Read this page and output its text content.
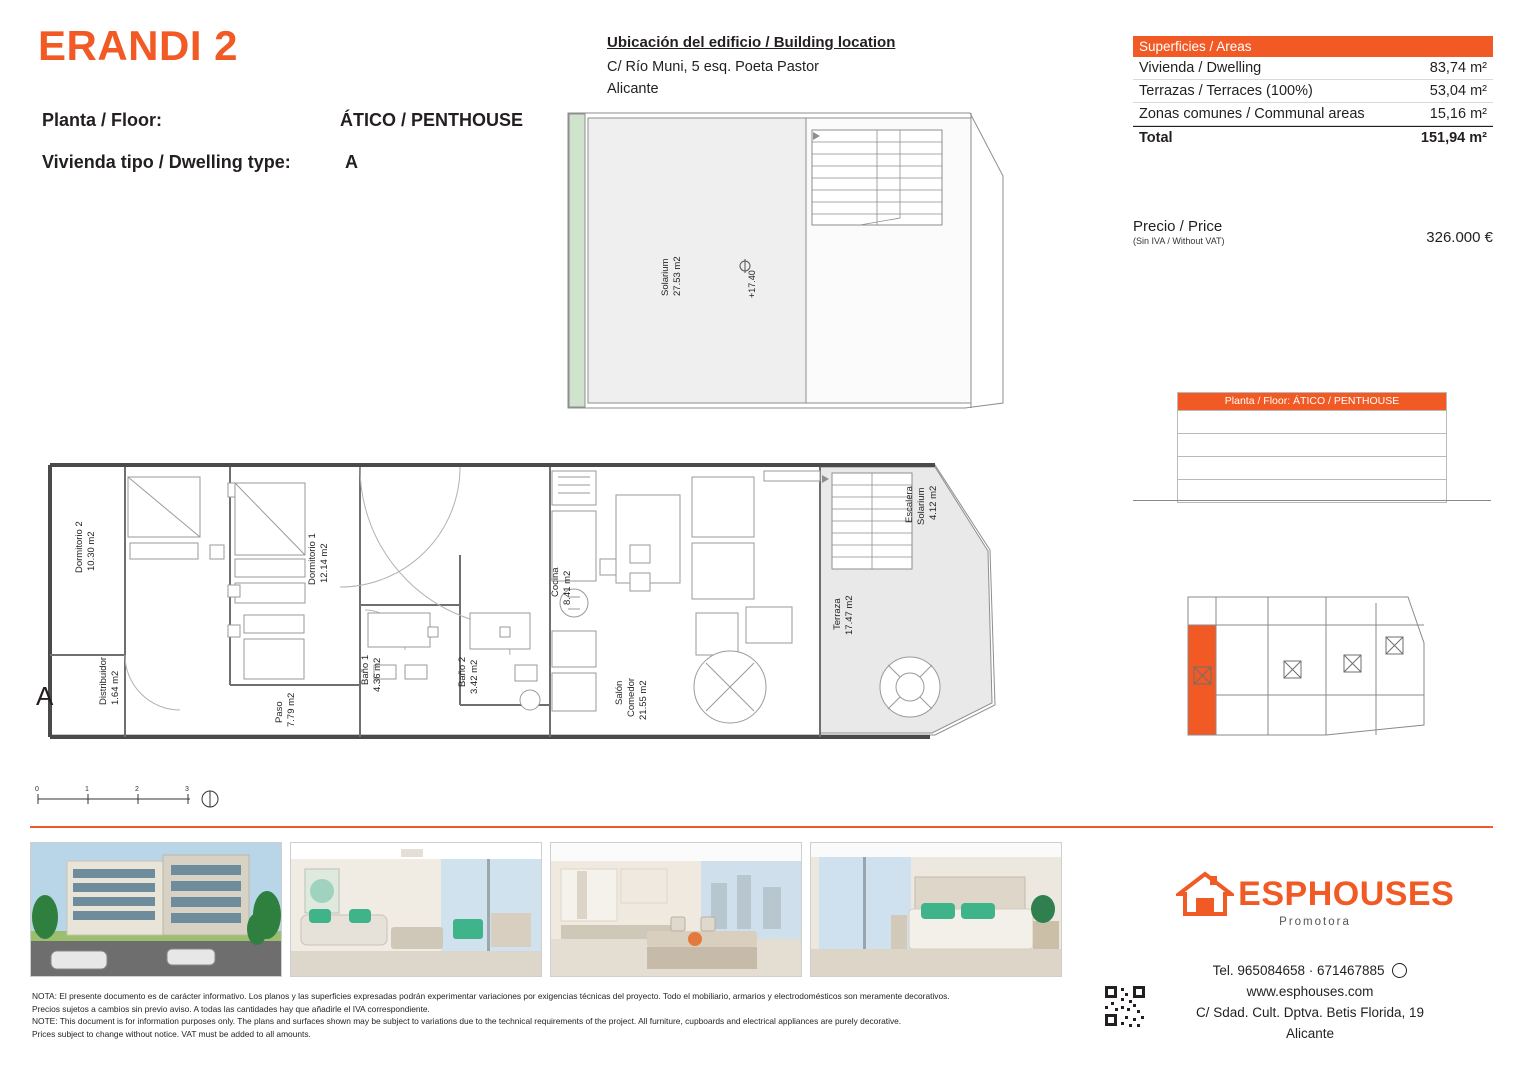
ERANDI 2
Planta / Floor:	ÁTICO / PENTHOUSE
Vivienda tipo / Dwelling type:	A
Ubicación del edificio / Building location
C/ Río Muni, 5 esq. Poeta Pastor
Alicante
Superficies / Areas
Vivienda / Dwelling	83,74 m²
Terrazas / Terraces (100%)	53,04 m²
Zonas comunes / Communal areas	15,16 m²
Total	151,94 m²
Precio / Price
(Sin IVA / Without VAT)	326.000 €
Planta / Floor: ÁTICO / PENTHOUSE
Solarium 27.53 m2	+17.40
Dormitorio 2 10.30 m2	Dormitorio 1 12.14 m2
Baño 1 4.36 m2	Baño 2 3.42 m2
Cocina 8.41 m2
Salón Comedor 21.55 m2
Terraza 17.47 m2
Escalera Solarium 4.12 m2
Distribuidor 1.64 m2
Paso 7.79 m2
A
0	1	2	3
NOTA: El presente documento es de carácter informativo. Los planos y las superficies expresadas podrán experimentar variaciones por exigencias técnicas del proyecto. Todo el mobiliario, armarios y electrodomésticos son meramente decorativos.
Precios sujetos a cambios sin previo aviso. A todas las cantidades hay que añadirle el IVA correspondiente.
NOTE: This document is for information purposes only. The plans and surfaces shown may be subject to variations due to the technical requirements of the project. All furniture, cupboards and electrical appliances are purely decorative.
Prices subject to change without notice. VAT must be added to all amounts.
ESPHOUSES
Promotora
Tel. 965084658 · 671467885
www.esphouses.com
C/ Sdad. Cult. Dptva. Betis Florida, 19
Alicante
